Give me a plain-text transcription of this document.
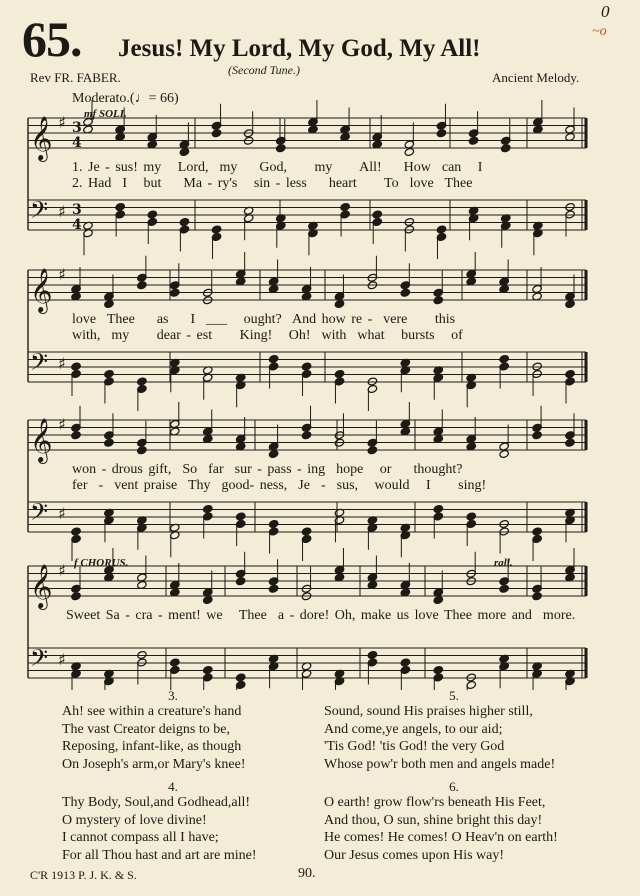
65. Jesus! My Lord, My God, My All!
0
~o
(Second Tune.)
Rev FR. FABER.	Ancient Melody.
Moderato.(♩= 66)
𝄞 ♯ 3
4
𝄢 ♯ 3
4
𝄞 ♯
𝄢 ♯
𝄞 ♯
𝄢 ♯
𝄞 ♯
𝄢 ♯
mf SOLI.
f CHORUS.	rall.
1. Je - sus! my   Lord,  my    God,     my     All!    How  can   I
2. Had  I   but    Ma - ry's   sin - less    heart     To  love  Thee
love  Thee    as    I  ___   ought?  And how re -  vere     this
with,  my     dear - est     King!   Oh!  with  what   bursts   of
won - drous gift,  So  far  sur - pass - ing  hope   or    thought?
fer  -  vent praise  Thy  good- ness,  Je  -  sus,   would   I     sing!
Sweet Sa - cra - ment! we   Thee  a - dore! Oh, make us love Thee more and  more.
3.
Ah! see within a creature's hand
The vast Creator deigns to be,
Reposing, infant-like, as though
On Joseph's arm,or Mary's knee!
4.
Thy Body, Soul,and Godhead,all!
O mystery of love divine!
I cannot compass all I have;
For all Thou hast and art are mine!
5.
Sound, sound His praises higher still,
And come,ye angels, to our aid;
'Tis God! 'tis God! the very God
Whose pow'r both men and angels made!
6.
O earth! grow flow'rs beneath His Feet,
And thou, O sun, shine bright this day!
He comes! He comes! O Heav'n on earth!
Our Jesus comes upon His way!
C'R 1913 P. J. K. & S.	90.
